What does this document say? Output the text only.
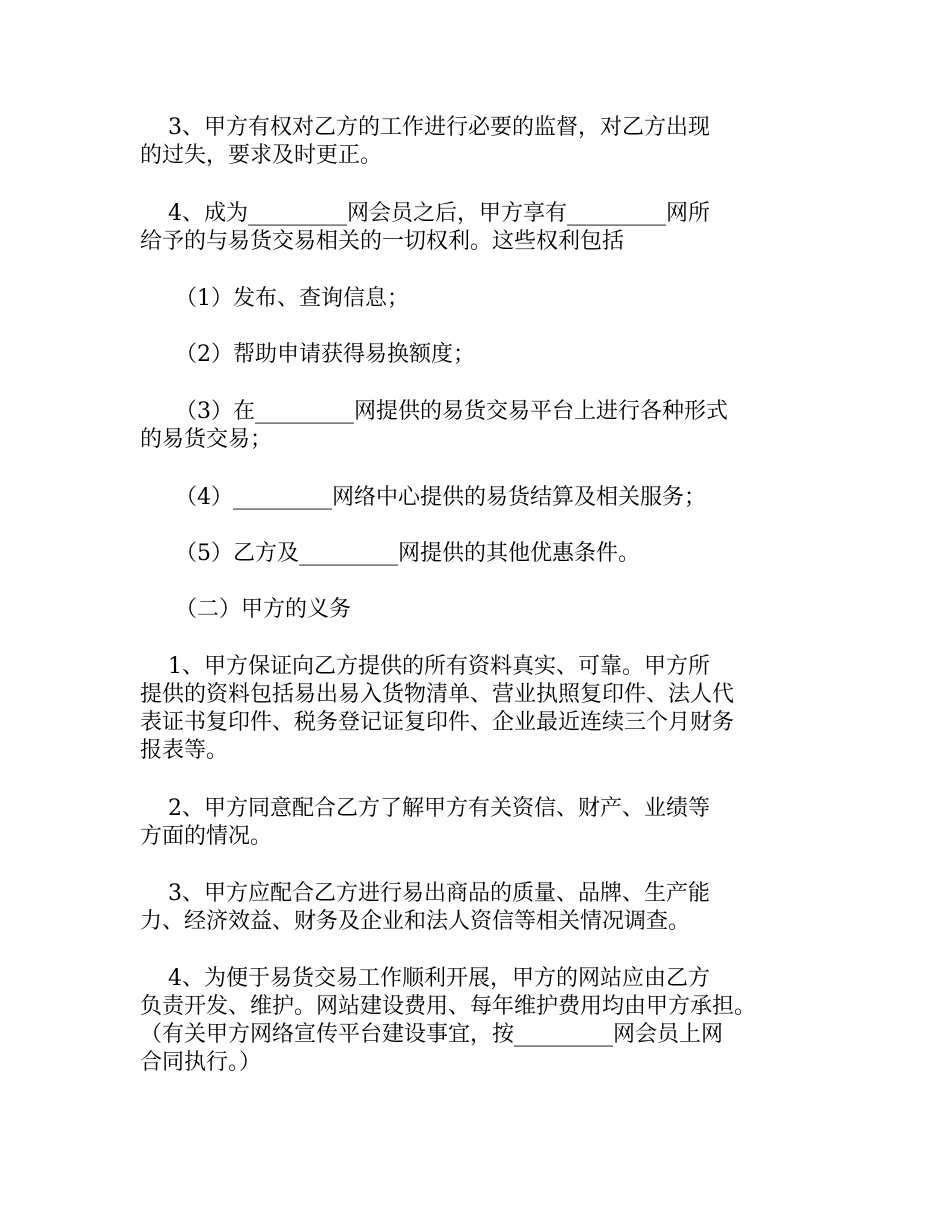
3、甲方有权对乙方的工作进行必要的监督，对乙方出现
的过失，要求及时更正。
4、成为_________网会员之后，甲方享有_________网所
给予的与易货交易相关的一切权利。这些权利包括
（1）发布、查询信息；
（2）帮助申请获得易换额度；
（3）在_________网提供的易货交易平台上进行各种形式
的易货交易；
（4）_________网络中心提供的易货结算及相关服务；
（5）乙方及_________网提供的其他优惠条件。
（二）甲方的义务
1、甲方保证向乙方提供的所有资料真实、可靠。甲方所
提供的资料包括易出易入货物清单、营业执照复印件、法人代
表证书复印件、税务登记证复印件、企业最近连续三个月财务
报表等。
2、甲方同意配合乙方了解甲方有关资信、财产、业绩等
方面的情况。
3、甲方应配合乙方进行易出商品的质量、品牌、生产能
力、经济效益、财务及企业和法人资信等相关情况调查。
4、为便于易货交易工作顺利开展，甲方的网站应由乙方
负责开发、维护。网站建设费用、每年维护费用均由甲方承担。
（有关甲方网络宣传平台建设事宜，按_________网会员上网
合同执行。）
